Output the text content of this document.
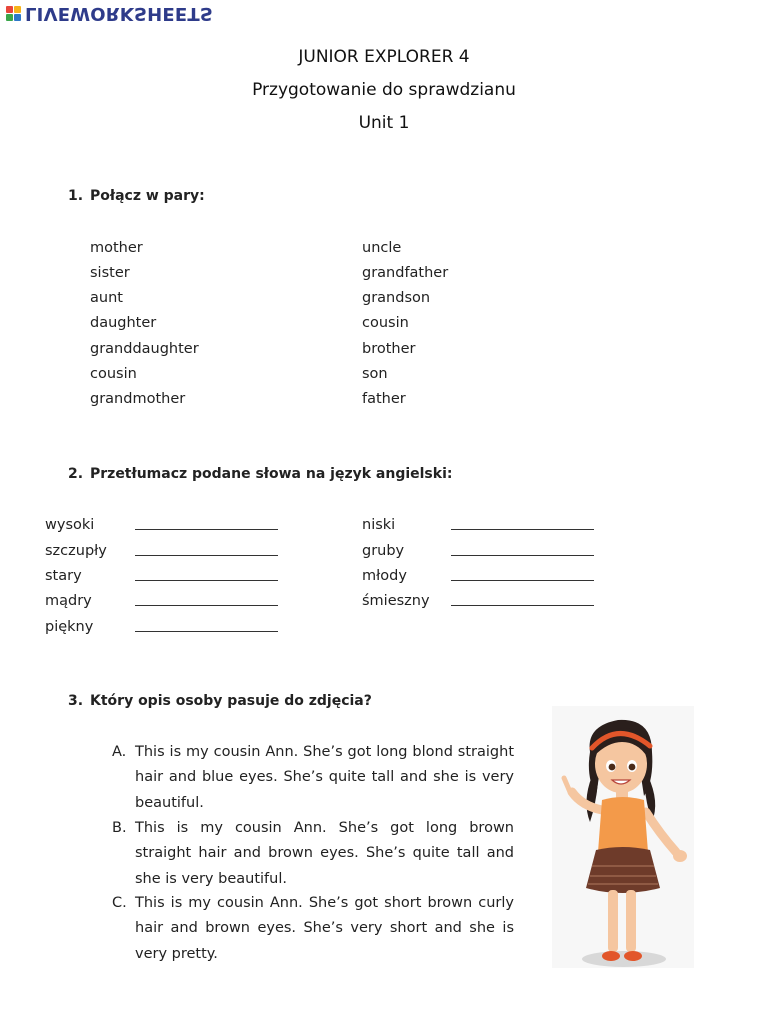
LIVEWORKSHEETS
JUNIOR EXPLORER 4
Przygotowanie do sprawdzianu
Unit 1
1. Połącz w pary:
mother
sister
aunt
daughter
granddaughter
cousin
grandmother
uncle
grandfather
grandson
cousin
brother
son
father
2. Przetłumacz podane słowa na język angielski:
wysoki
szczupły
stary
mądry
piękny
niski
gruby
młody
śmieszny
3. Który opis osoby pasuje do zdjęcia?
A. This is my cousin Ann. She’s got long blond straight hair and blue eyes. She’s quite tall and she is very beautiful.
B. This is my cousin Ann. She’s got long brown straight hair and brown eyes. She’s quite tall and she is very beautiful.
C. This is my cousin Ann. She’s got short brown curly hair and brown eyes. She’s very short and she is very pretty.
